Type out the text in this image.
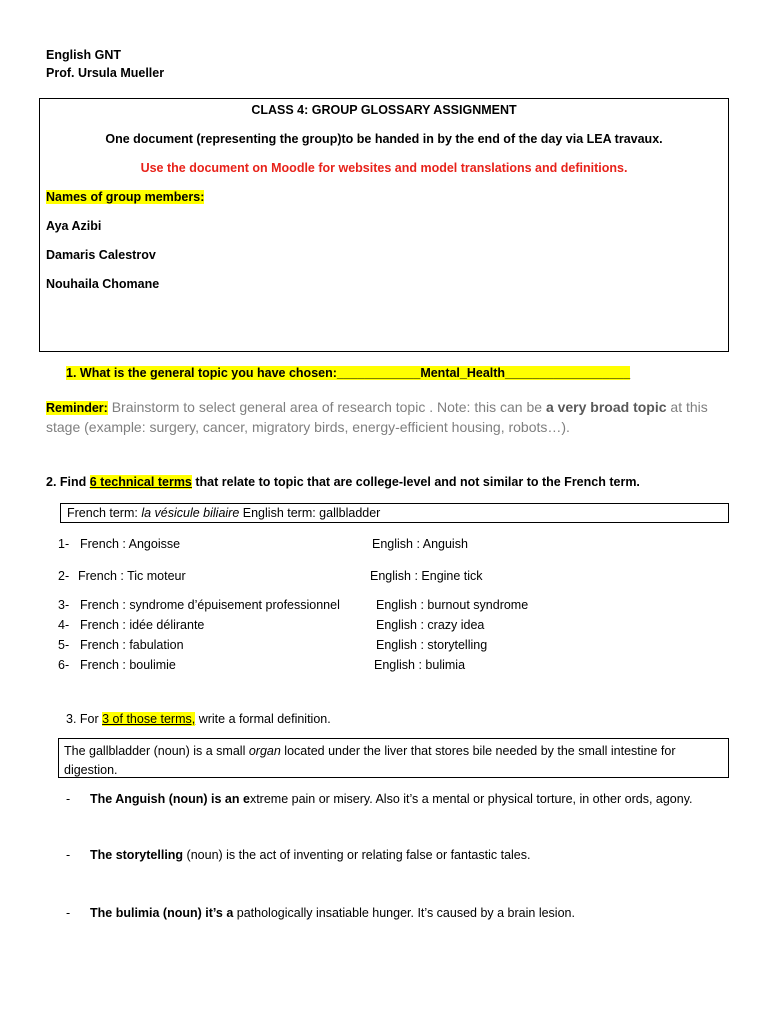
English GNT
Prof. Ursula Mueller
CLASS 4: GROUP GLOSSARY ASSIGNMENT
One document (representing the group)to be handed in by the end of the day via LEA travaux.
Use the document on Moodle for websites and model translations and definitions.
Names of group members:
Aya Azibi
Damaris Calestrov
Nouhaila Chomane
1. What is the general topic you have chosen:____________Mental_Health__________________
Reminder: Brainstorm to select general area of research topic . Note: this can be a very broad topic at this
stage (example: surgery, cancer, migratory birds, energy-efficient housing, robots…).
2. Find 6 technical terms that relate to topic that are college-level and not similar to the French term.
French term: la vésicule biliaire English term: gallbladder
1- French : Angoisse	English : Anguish
2- French : Tic moteur	English : Engine tick
3- French : syndrome d’épuisement professionnel	English : burnout syndrome
4- French : idée délirante	English : crazy idea
5- French : fabulation	English : storytelling
6- French : boulimie	English : bulimia
3. For 3 of those terms, write a formal definition.
The gallbladder (noun) is a small organ located under the liver that stores bile needed by the small intestine for
digestion.
- The Anguish (noun) is an extreme pain or misery. Also it’s a mental or physical torture, in other ords, agony.
- The storytelling (noun) is the act of inventing or relating false or fantastic tales.
- The bulimia (noun) it’s a pathologically insatiable hunger. It’s caused by a brain lesion.
